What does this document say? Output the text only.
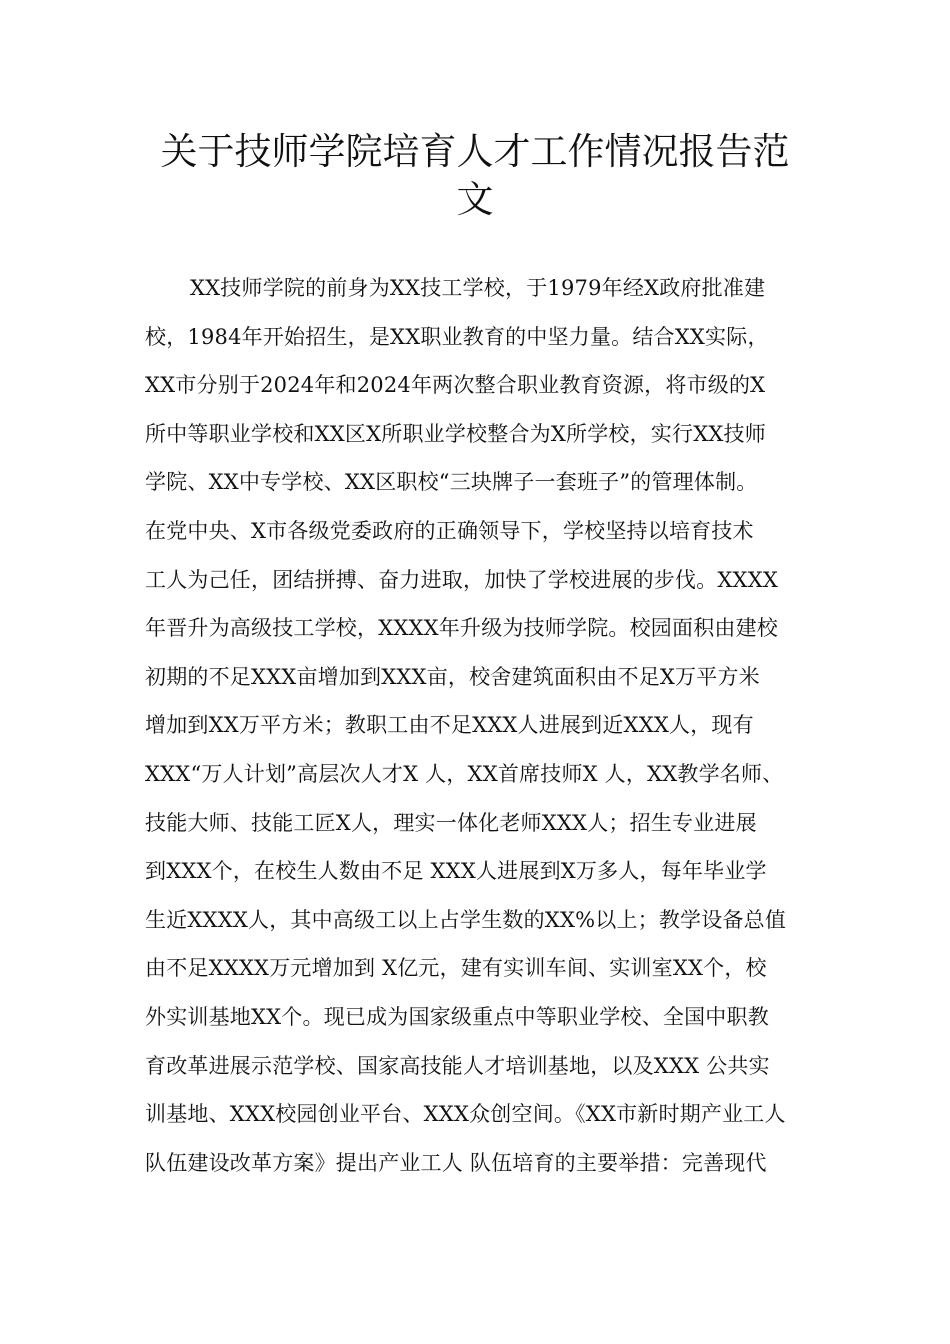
关于技师学院培育人才工作情况报告范
文
XX技师学院的前身为XX技工学校，于1979年经X政府批准建
校，1984年开始招生，是XX职业教育的中坚力量。结合XX实际，
XX市分别于2024年和2024年两次整合职业教育资源，将市级的X
所中等职业学校和XX区X所职业学校整合为X所学校，实行XX技师
学院、XX中专学校、XX区职校“三块牌子一套班子”的管理体制。
在党中央、X市各级党委政府的正确领导下，学校坚持以培育技术
工人为己任，团结拼搏、奋力进取，加快了学校进展的步伐。XXXX
年晋升为高级技工学校，XXXX年升级为技师学院。校园面积由建校
初期的不足XXX亩增加到XXX亩，校舍建筑面积由不足X万平方米
增加到XX万平方米；教职工由不足XXX人进展到近XXX人，现有
XXX“万人计划”高层次人才X 人，XX首席技师X 人，XX教学名师、
技能大师、技能工匠X人，理实一体化老师XXX人；招生专业进展
到XXX个，在校生人数由不足 XXX人进展到X万多人，每年毕业学
生近XXXX人，其中高级工以上占学生数的XX%以上；教学设备总值
由不足XXXX万元增加到 X亿元，建有实训车间、实训室XX个，校
外实训基地XX个。现已成为国家级重点中等职业学校、全国中职教
育改革进展示范学校、国家高技能人才培训基地，以及XXX 公共实
训基地、XXX校园创业平台、XXX众创空间。《XX市新时期产业工人
队伍建设改革方案》提出产业工人 队伍培育的主要举措：完善现代
